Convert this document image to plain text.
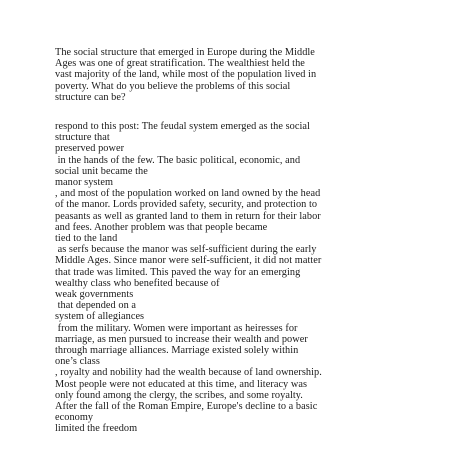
The social structure that emerged in Europe during the Middle
Ages was one of great stratification. The wealthiest held the
vast majority of the land, while most of the population lived in
poverty. What do you believe the problems of this social
structure can be?
respond to this post: The feudal system emerged as the social
structure that
preserved power
in the hands of the few. The basic political, economic, and
social unit became the
manor system
, and most of the population worked on land owned by the head
of the manor. Lords provided safety, security, and protection to
peasants as well as granted land to them in return for their labor
and fees. Another problem was that people became
tied to the land
as serfs because the manor was self-sufficient during the early
Middle Ages. Since manor were self-sufficient, it did not matter
that trade was limited. This paved the way for an emerging
wealthy class who benefited because of
weak governments
that depended on a
system of allegiances
from the military. Women were important as heiresses for
marriage, as men pursued to increase their wealth and power
through marriage alliances. Marriage existed solely within
one’s class
, royalty and nobility had the wealth because of land ownership.
Most people were not educated at this time, and literacy was
only found among the clergy, the scribes, and some royalty.
After the fall of the Roman Empire, Europe's decline to a basic
economy
limited the freedom
